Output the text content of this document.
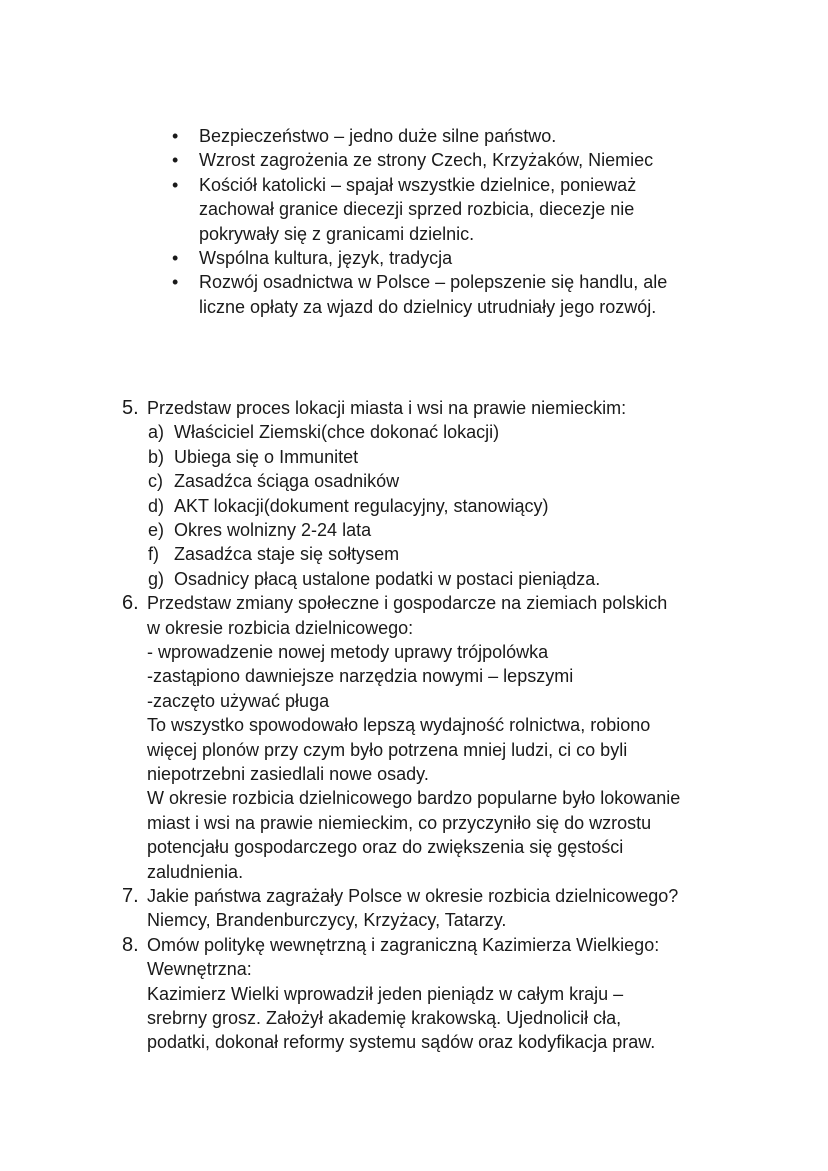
• Bezpieczeństwo – jedno duże silne państwo.
• Wzrost zagrożenia ze strony Czech, Krzyżaków, Niemiec
• Kościół katolicki – spajał wszystkie dzielnice, ponieważ
zachował granice diecezji sprzed rozbicia, diecezje nie
pokrywały się z granicami dzielnic.
• Wspólna kultura, język, tradycja
• Rozwój osadnictwa w Polsce – polepszenie się handlu, ale
liczne opłaty za wjazd do dzielnicy utrudniały jego rozwój.
5. Przedstaw proces lokacji miasta i wsi na prawie niemieckim:
a) Właściciel Ziemski(chce dokonać lokacji)
b) Ubiega się o Immunitet
c) Zasadźca ściąga osadników
d) AKT lokacji(dokument regulacyjny, stanowiący)
e) Okres wolnizny 2-24 lata
f) Zasadźca staje się sołtysem
g) Osadnicy płacą ustalone podatki w postaci pieniądza.
6. Przedstaw zmiany społeczne i gospodarcze na ziemiach polskich
w okresie rozbicia dzielnicowego:
- wprowadzenie nowej metody uprawy trójpolówka
-zastąpiono dawniejsze narzędzia nowymi – lepszymi
-zaczęto używać pługa
To wszystko spowodowało lepszą wydajność rolnictwa, robiono
więcej plonów przy czym było potrzena mniej ludzi, ci co byli
niepotrzebni zasiedlali nowe osady.
W okresie rozbicia dzielnicowego bardzo popularne było lokowanie
miast i wsi na prawie niemieckim, co przyczyniło się do wzrostu
potencjału gospodarczego oraz do zwiększenia się gęstości
zaludnienia.
7. Jakie państwa zagrażały Polsce w okresie rozbicia dzielnicowego?
Niemcy, Brandenburczycy, Krzyżacy, Tatarzy.
8. Omów politykę wewnętrzną i zagraniczną Kazimierza Wielkiego:
Wewnętrzna:
Kazimierz Wielki wprowadził jeden pieniądz w całym kraju –
srebrny grosz. Założył akademię krakowską. Ujednolicił cła,
podatki, dokonał reformy systemu sądów oraz kodyfikacja praw.
